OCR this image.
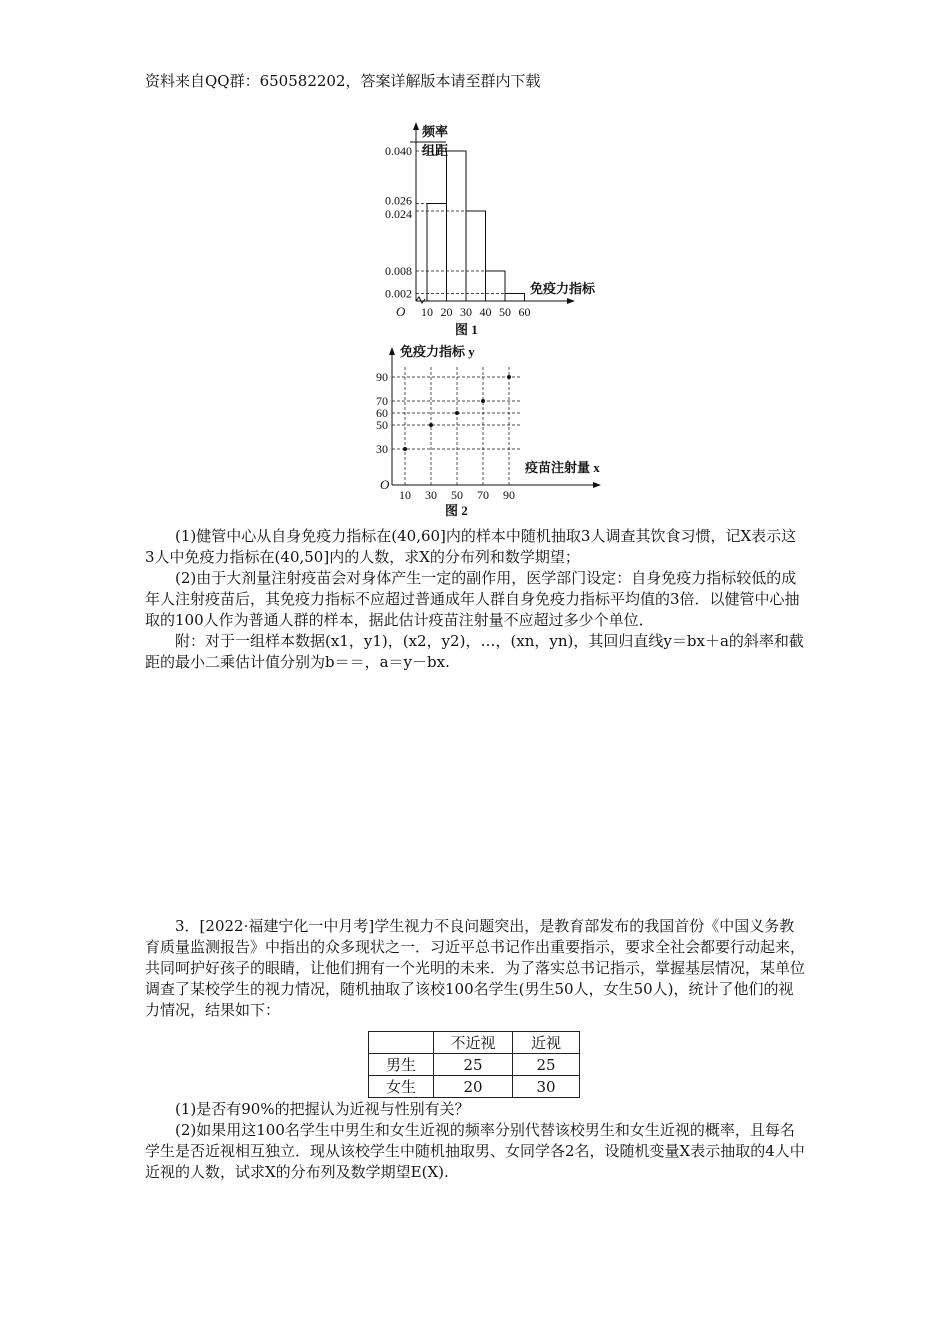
资料来自QQ群：650582202，答案详解版本请至群内下载
频率
组距
O
免疫力指标
0.002
0.008
0.024
0.026
0.040
10 20 30 40 50 60
图 1
免疫力指标 y
疫苗注射量 x
O
30
50
60
70
90
10 30 50 70 90
图 2

(1)健管中心从自身免疫力指标在(40,60]内的样本中随机抽取3人调查其饮食习惯，记X表示这3人中免疫力指标在(40,50]内的人数，求X的分布列和数学期望；

(2)由于大剂量注射疫苗会对身体产生一定的副作用，医学部门设定：自身免疫力指标较低的成年人注射疫苗后，其免疫力指标不应超过普通成年人群自身免疫力指标平均值的3倍．以健管中心抽取的100人作为普通人群的样本，据此估计疫苗注射量不应超过多少个单位．

附：对于一组样本数据(x1，y1)，(x2，y2)，…，(xn，yn)，其回归直线y＝bx＋a的斜率和截距的最小二乘估计值分别为b＝＝，a＝y－bx.

3．[2022·福建宁化一中月考]学生视力不良问题突出，是教育部发布的我国首份《中国义务教育质量监测报告》中指出的众多现状之一．习近平总书记作出重要指示，要求全社会都要行动起来，共同呵护好孩子的眼睛，让他们拥有一个光明的未来．为了落实总书记指示，掌握基层情况，某单位调查了某校学生的视力情况，随机抽取了该校100名学生(男生50人，女生50人)，统计了他们的视力情况，结果如下：

	不近视	近视
男生	25	25
女生	20	30

(1)是否有90%的把握认为近视与性别有关？

(2)如果用这100名学生中男生和女生近视的频率分别代替该校男生和女生近视的概率，且每名学生是否近视相互独立．现从该校学生中随机抽取男、女同学各2名，设随机变量X表示抽取的4人中近视的人数，试求X的分布列及数学期望E(X).
